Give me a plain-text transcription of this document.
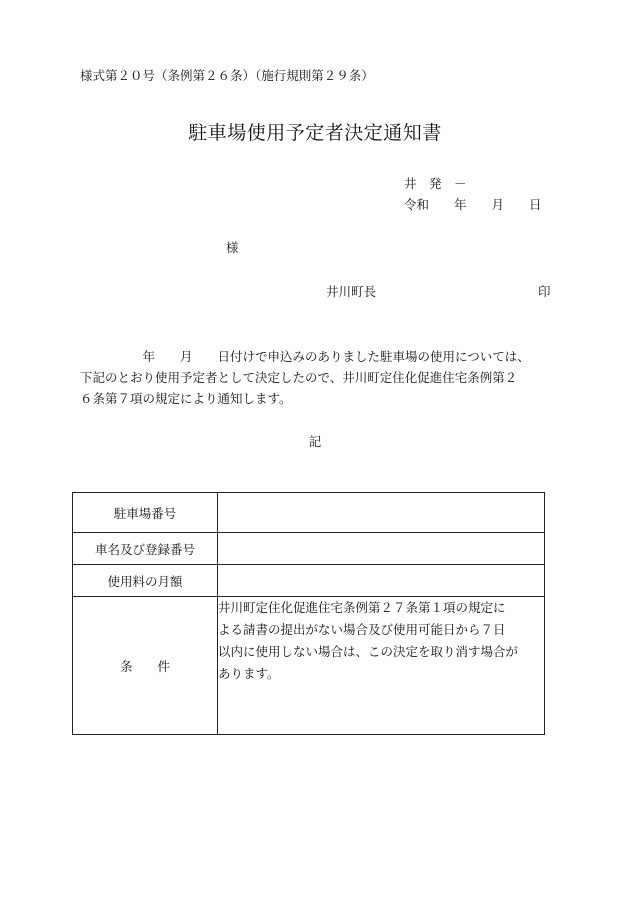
様式第２０号（条例第２６条）（施行規則第２９条）
駐車場使用予定者決定通知書
井　発　－
令和　　年　　月　　日
様
井川町長	印
　　　　　年　　月　　日付けで申込みのありました駐車場の使用については、
下記のとおり使用予定者として決定したので、井川町定住化促進住宅条例第２
６条第７項の規定により通知します。
記
駐車場番号	
車名及び登録番号	
使用料の月額	
条　　件	井川町定住化促進住宅条例第２７条第１項の規定に
よる請書の提出がない場合及び使用可能日から７日
以内に使用しない場合は、この決定を取り消す場合が
あります。
